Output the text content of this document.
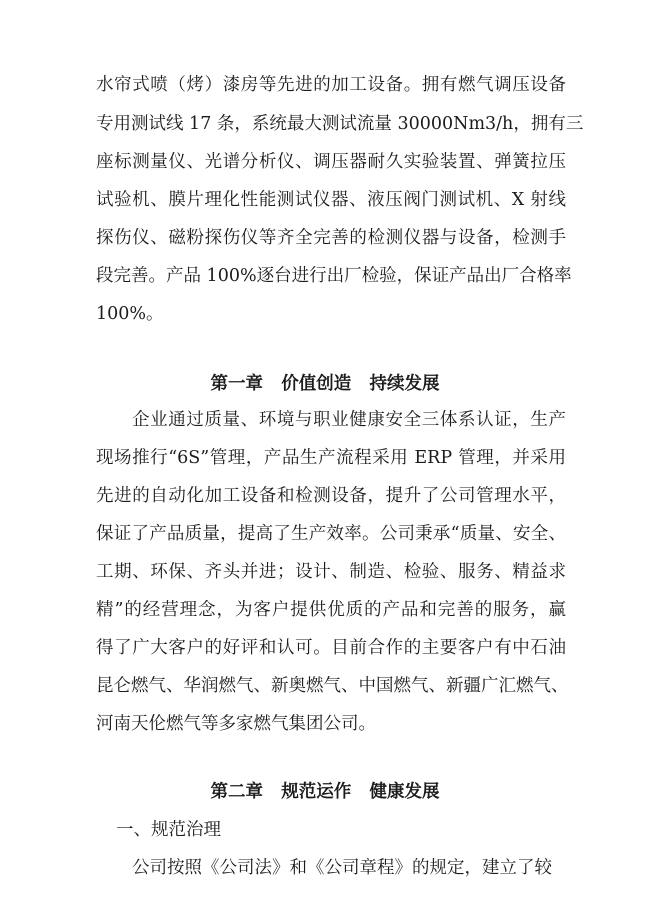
水帘式喷（烤）漆房等先进的加工设备。拥有燃气调压设备
专用测试线 17 条，系统最大测试流量 30000Nm3/h，拥有三
座标测量仪、光谱分析仪、调压器耐久实验装置、弹簧拉压
试验机、膜片理化性能测试仪器、液压阀门测试机、X 射线
探伤仪、磁粉探伤仪等齐全完善的检测仪器与设备，检测手
段完善。产品 100%逐台进行出厂检验，保证产品出厂合格率
100%。
第一章   价值创造   持续发展
企业通过质量、环境与职业健康安全三体系认证，生产
现场推行“6S”管理，产品生产流程采用 ERP 管理，并采用
先进的自动化加工设备和检测设备，提升了公司管理水平，
保证了产品质量，提高了生产效率。公司秉承“质量、安全、
工期、环保、齐头并进；设计、制造、检验、服务、精益求
精”的经营理念，为客户提供优质的产品和完善的服务，赢
得了广大客户的好评和认可。目前合作的主要客户有中石油
昆仑燃气、华润燃气、新奥燃气、中国燃气、新疆广汇燃气、
河南天伦燃气等多家燃气集团公司。
第二章   规范运作   健康发展
一、规范治理
公司按照《公司法》和《公司章程》的规定，建立了较
